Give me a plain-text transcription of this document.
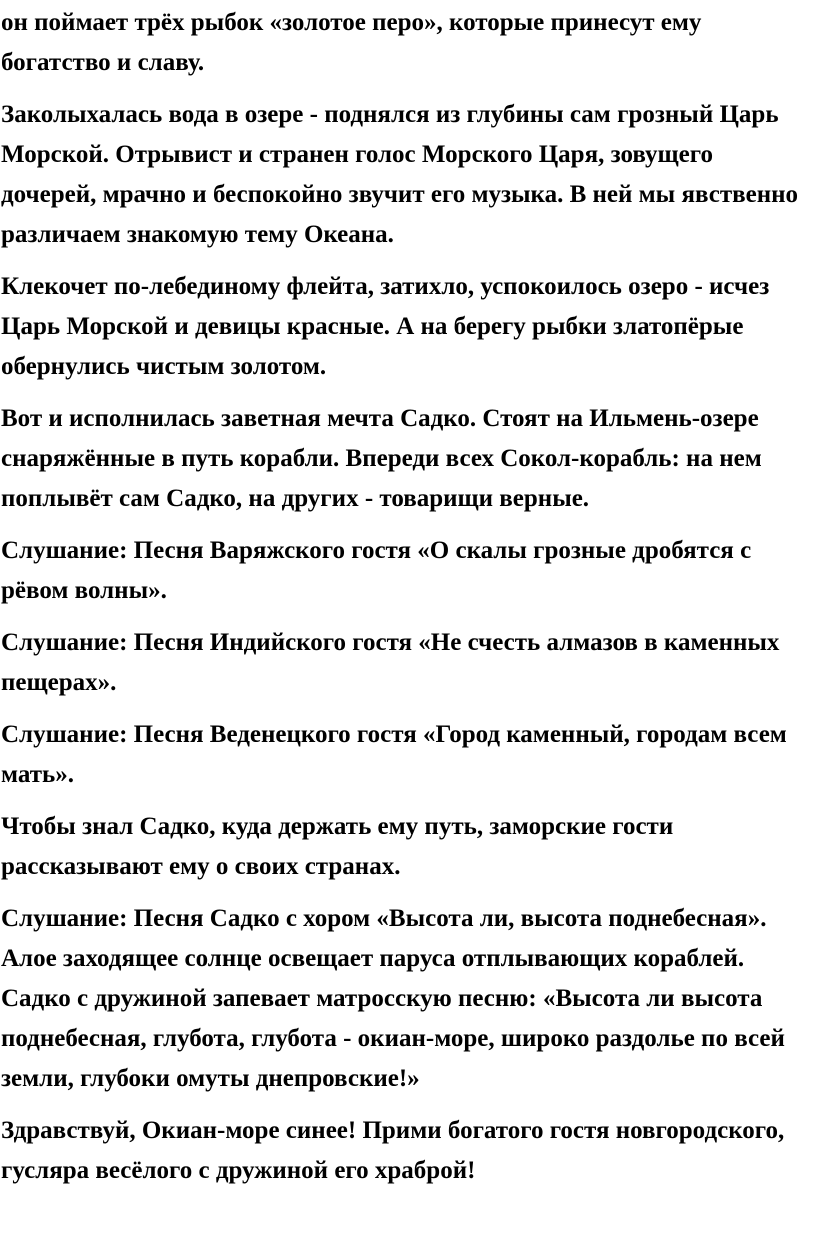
он поймает трёх рыбок «золотое перо», которые принесут ему богатство и славу.

Заколыхалась вода в озере - поднялся из глубины сам грозный Царь Морской. Отрывист и странен голос Морского Царя, зовущего дочерей, мрачно и беспокойно звучит его музыка. В ней мы явственно различаем знакомую тему Океана.

Клекочет по-лебединому флейта, затихло, успокоилось озеро - исчез Царь Морской и девицы красные. А на берегу рыбки златопёрые обернулись чистым золотом.

Вот и исполнилась заветная мечта Садко. Стоят на Ильмень-озере снаряжённые в путь корабли. Впереди всех Сокол-корабль: на нем поплывёт сам Садко, на других - товарищи верные.

Слушание: Песня Варяжского гостя «О скалы грозные дробятся с рёвом волны».

Слушание: Песня Индийского гостя «Не счесть алмазов в каменных пещерах».

Слушание: Песня Веденецкого гостя «Город каменный, городам всем мать».

Чтобы знал Садко, куда держать ему путь, заморские гости рассказывают ему о своих странах.

Слушание: Песня Садко с хором «Высота ли, высота поднебесная». Алое заходящее солнце освещает паруса отплывающих кораблей. Садко с дружиной запевает матросскую песню: «Высота ли высота поднебесная, глубота, глубота - окиан-море, широко раздолье по всей земли, глубоки омуты днепровские!»

Здравствуй, Окиан-море синее! Прими богатого гостя новгородского, гусляра весёлого с дружиной его храброй!
